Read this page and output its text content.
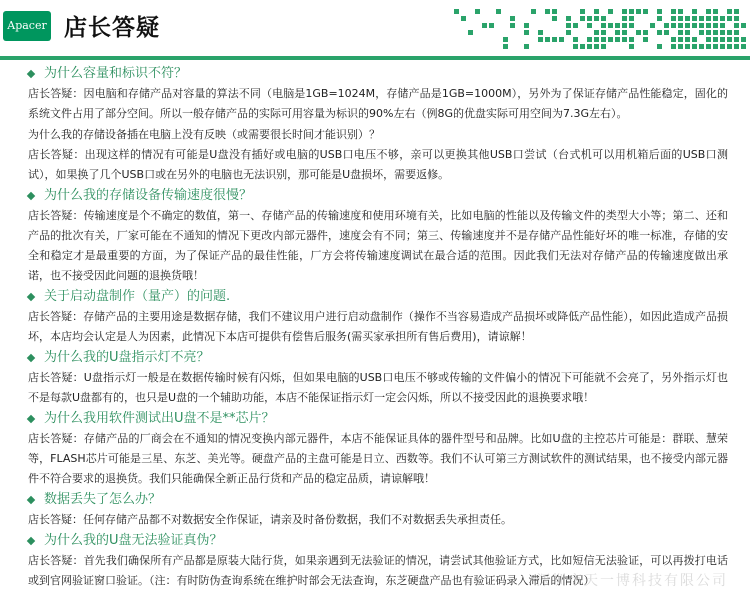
Apacer 店长答疑
为什么容量和标识不符？

店长答疑：因电脑和存储产品对容量的算法不同（电脑是1GB=1024M，存储产品是1GB=1000M），另外为了保证存储产品性能稳定，固化的系统文件占用了部分空间。所以一般存储产品的实际可用容量为标识的90%左右（例8G的优盘实际可用空间为7.3G左右）。

为什么我的存储设备插在电脑上没有反映（或需要很长时间才能识别）？

店长答疑：出现这样的情况有可能是U盘没有插好或电脑的USB口电压不够，亲可以更换其他USB口尝试（台式机可以用机箱后面的USB口测试），如果换了几个USB口或在另外的电脑也无法识别，那可能是U盘损坏，需要返修。

为什么我的存储设备传输速度很慢？

店长答疑：传输速度是个不确定的数值，第一、存储产品的传输速度和使用环境有关，比如电脑的性能以及传输文件的类型大小等；第二、还和产品的批次有关，厂家可能在不通知的情况下更改内部元器件，速度会有不同；第三、传输速度并不是存储产品性能好坏的唯一标准，存储的安全和稳定才是最重要的方面，为了保证产品的最佳性能，厂方会将传输速度调试在最合适的范围。因此我们无法对存储产品的传输速度做出承诺，也不接受因此问题的退换货哦！

关于启动盘制作（量产）的问题.

店长答疑：存储产品的主要用途是数据存储，我们不建议用户进行启动盘制作（操作不当容易造成产品损坏或降低产品性能），如因此造成产品损坏，本店均会认定是人为因素，此情况下本店可提供有偿售后服务(需买家承担所有售后费用)，请谅解！

为什么我的U盘指示灯不亮？

店长答疑：U盘指示灯一般是在数据传输时候有闪烁，但如果电脑的USB口电压不够或传输的文件偏小的情况下可能就不会亮了，另外指示灯也不是每款U盘都有的，也只是U盘的一个辅助功能，本店不能保证指示灯一定会闪烁，所以不接受因此的退换要求哦！

为什么我用软件测试出U盘不是**芯片？

店长答疑：存储产品的厂商会在不通知的情况变换内部元器件，本店不能保证具体的器件型号和品牌。比如U盘的主控芯片可能是：群联、慧荣等，FLASH芯片可能是三星、东芝、美光等。硬盘产品的主盘可能是日立、西数等。我们不认可第三方测试软件的测试结果，也不接受内部元器件不符合要求的退换货。我们只能确保全新正品行货和产品的稳定品质，请谅解哦！

数据丢失了怎么办？

店长答疑：任何存储产品都不对数据安全作保证，请亲及时备份数据，我们不对数据丢失承担责任。

为什么我的U盘无法验证真伪？

店长答疑：首先我们确保所有产品都是原装大陆行货，如果亲遇到无法验证的情况，请尝试其他验证方式，比如短信无法验证，可以再拨打电话或到官网验证窗口验证。（注：有时防伪查询系统在维护时部会无法查询，东芝硬盘产品也有验证码录入滞后的情况）

深圳市天一博科技有限公司
